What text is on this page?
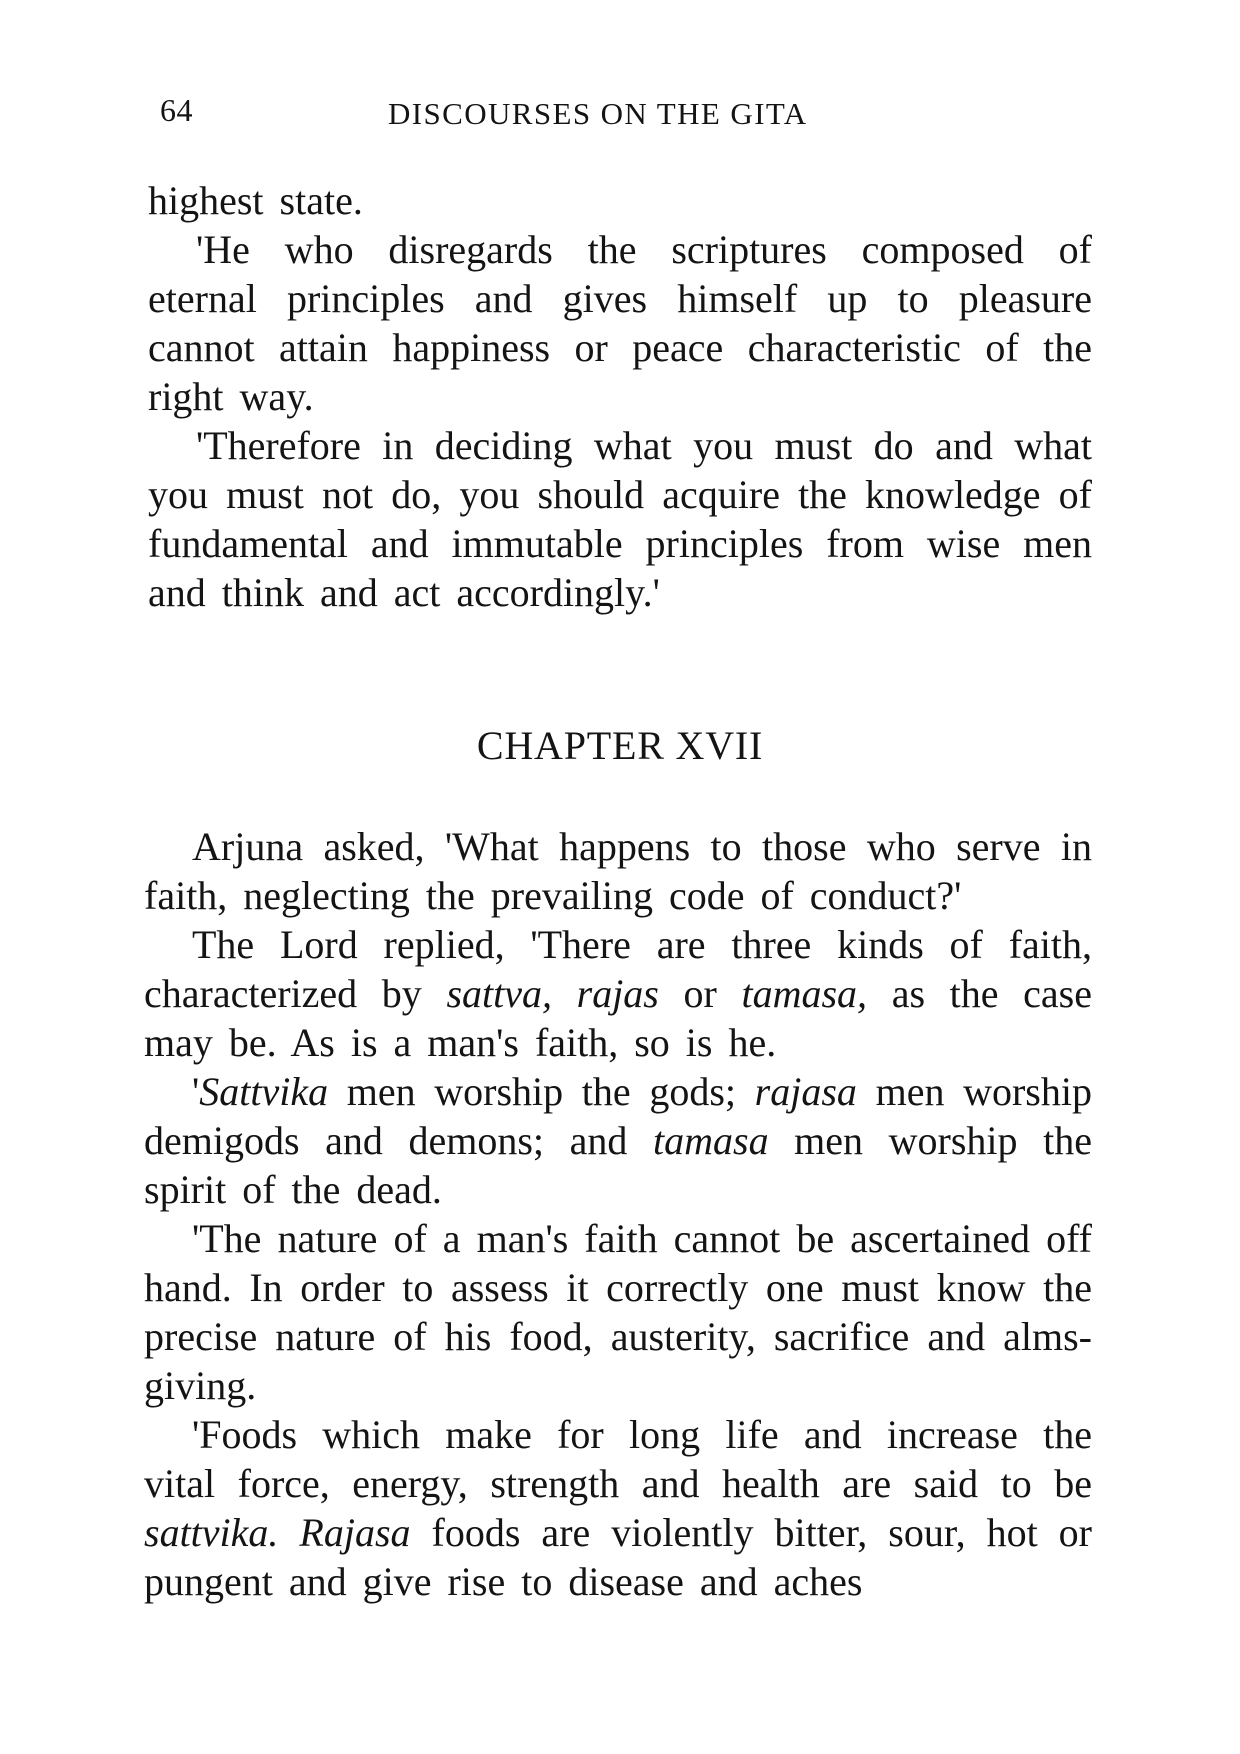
64	DISCOURSES ON THE GITA

highest state.

'He who disregards the scriptures composed of eternal principles and gives himself up to pleasure cannot attain happiness or peace characteristic of the right way.

'Therefore in deciding what you must do and what you must not do, you should acquire the knowledge of fundamental and immutable principles from wise men and think and act accordingly.'

CHAPTER XVII

Arjuna asked, 'What happens to those who serve in faith, neglecting the prevailing code of conduct?'

The Lord replied, 'There are three kinds of faith, characterized by sattva, rajas or tamasa, as the case may be. As is a man's faith, so is he.

'Sattvika men worship the gods; rajasa men worship demigods and demons; and tamasa men worship the spirit of the dead.

'The nature of a man's faith cannot be ascertained off hand. In order to assess it correctly one must know the precise nature of his food, austerity, sacrifice and alms-giving.

'Foods which make for long life and increase the vital force, energy, strength and health are said to be sattvika. Rajasa foods are violently bitter, sour, hot or pungent and give rise to disease and aches
